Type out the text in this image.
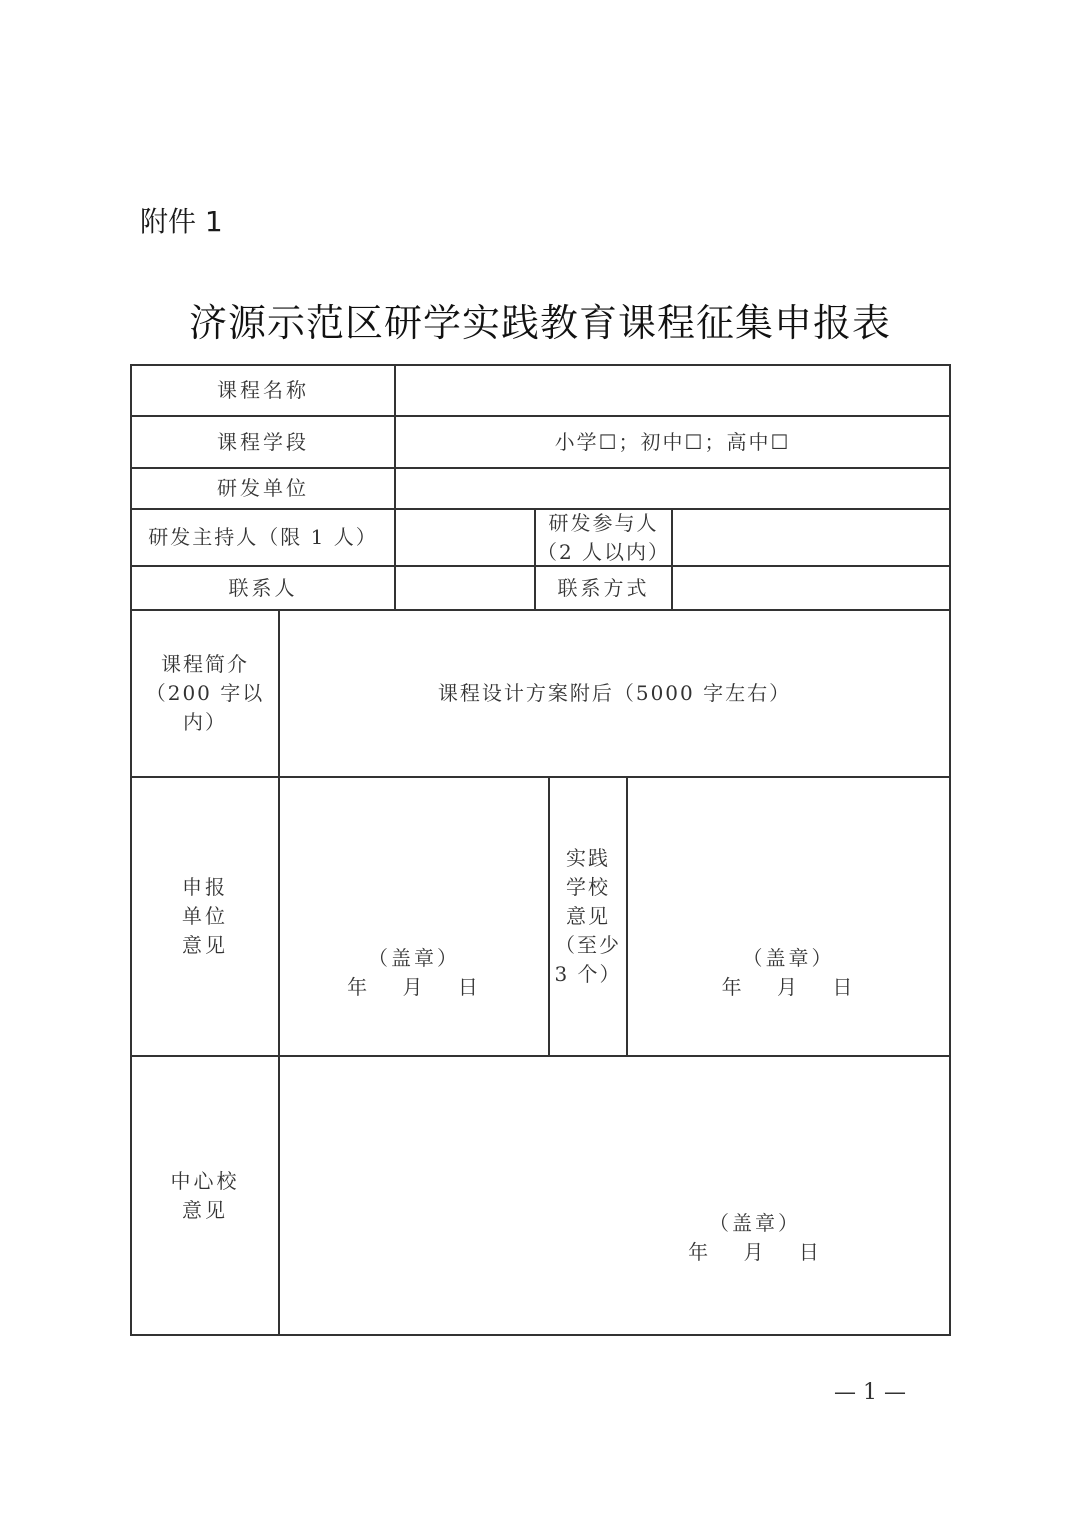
附件 1
济源示范区研学实践教育课程征集申报表
课程名称
课程学段	小学☐；初中☐；高中☐
研发单位
研发主持人（限 1 人）
研发参与人
（2 人以内）
联系人	联系方式
课程简介
（200 字以内）
课程设计方案附后（5000 字左右）
申报
单位
意见
（盖章）
年　 月　 日
实践
学校
意见
（至少
3 个）
（盖章）
年　 月　 日
中心校
意见
（盖章）
年　 月　 日
— 1 —
